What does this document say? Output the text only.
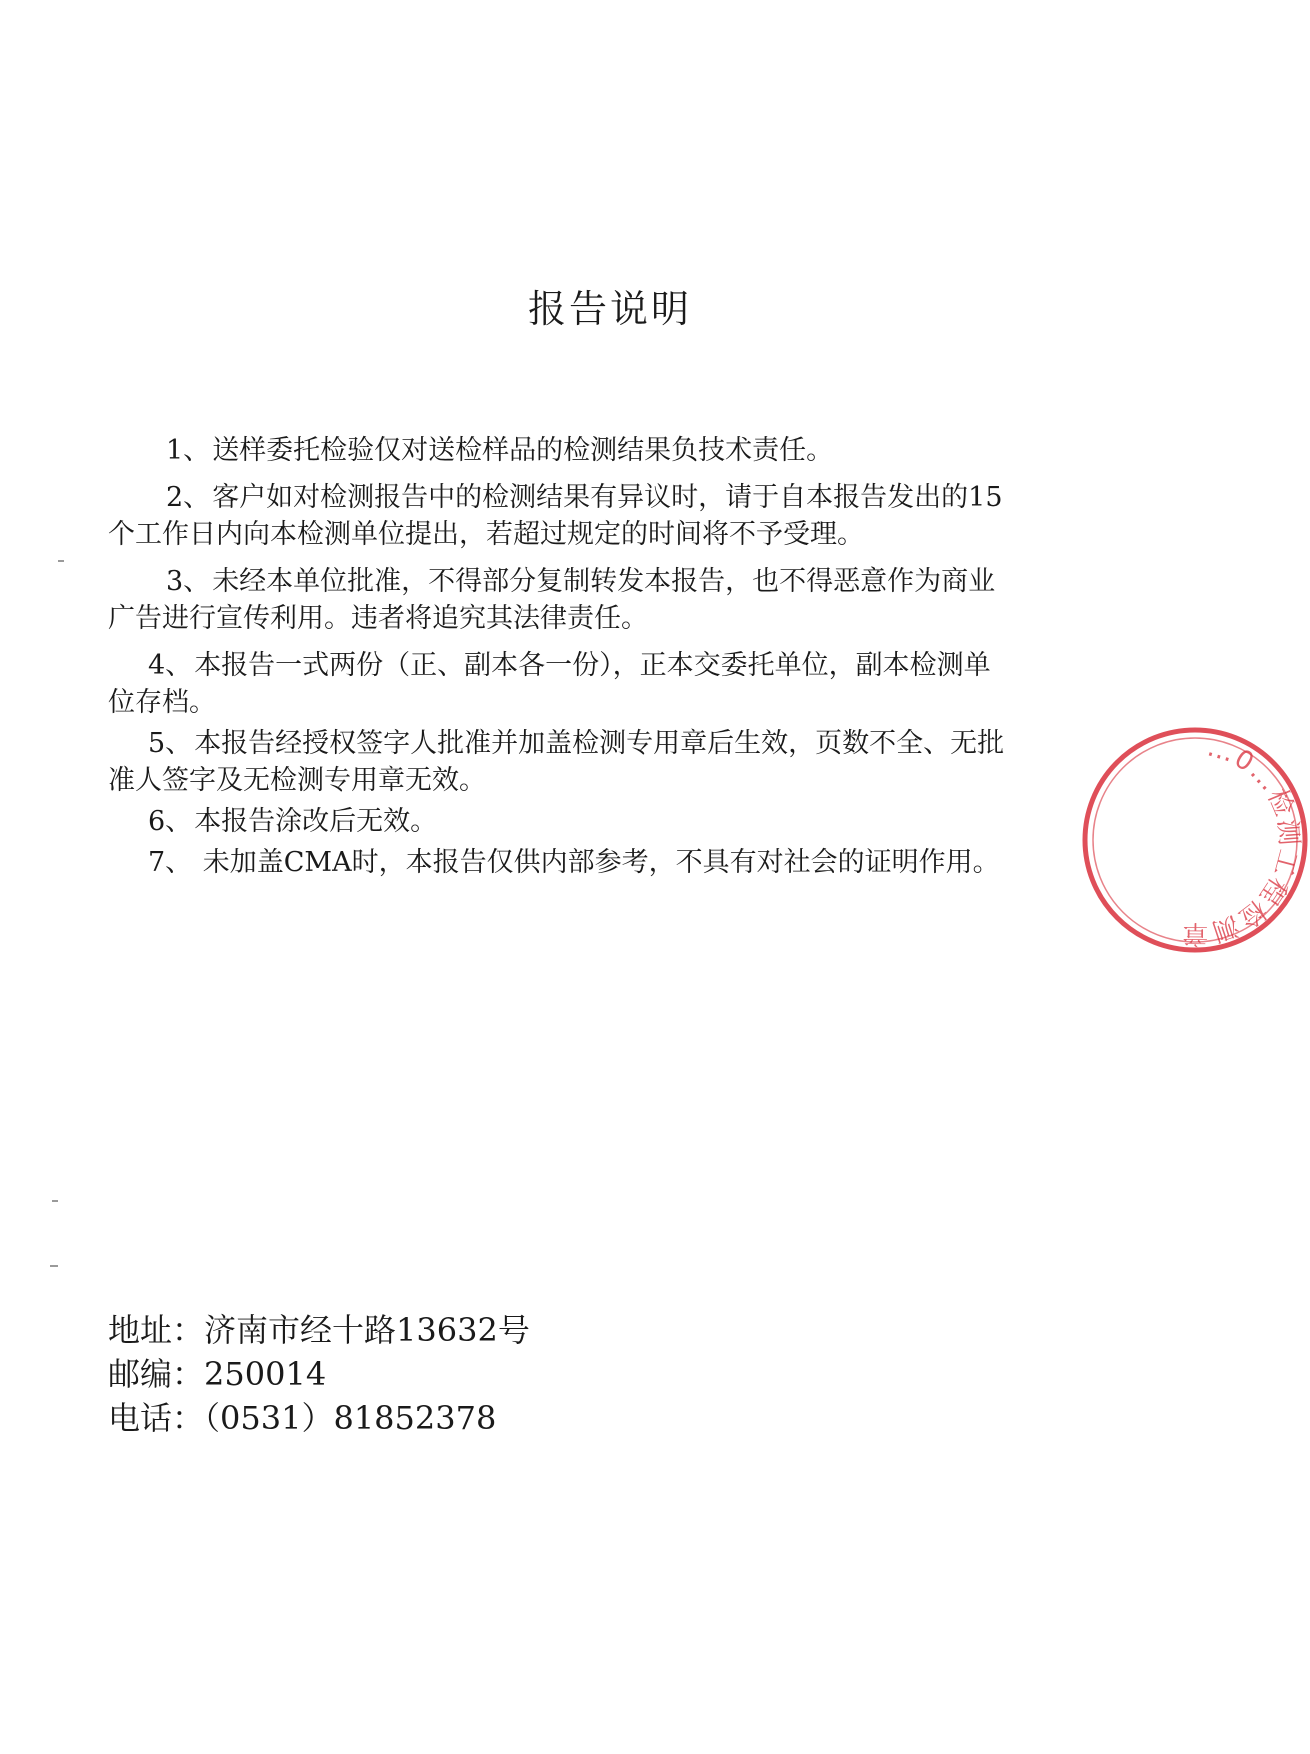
报告说明

1、送样委托检验仅对送检样品的检测结果负技术责任。

2、客户如对检测报告中的检测结果有异议时，请于自本报告发出的15个工作日内向本检测单位提出，若超过规定的时间将不予受理。

3、未经本单位批准，不得部分复制转发本报告，也不得恶意作为商业广告进行宣传利用。违者将追究其法律责任。

4、本报告一式两份（正、副本各一份），正本交委托单位，副本检测单位存档。

5、本报告经授权签字人批准并加盖检测专用章后生效，页数不全、无批准人签字及无检测专用章无效。

6、本报告涂改后无效。

7、 未加盖CMA时，本报告仅供内部参考，不具有对社会的证明作用。

地址：济南市经十路13632号
邮编：250014
电话：（0531）81852378
…0…检测工程检测章
